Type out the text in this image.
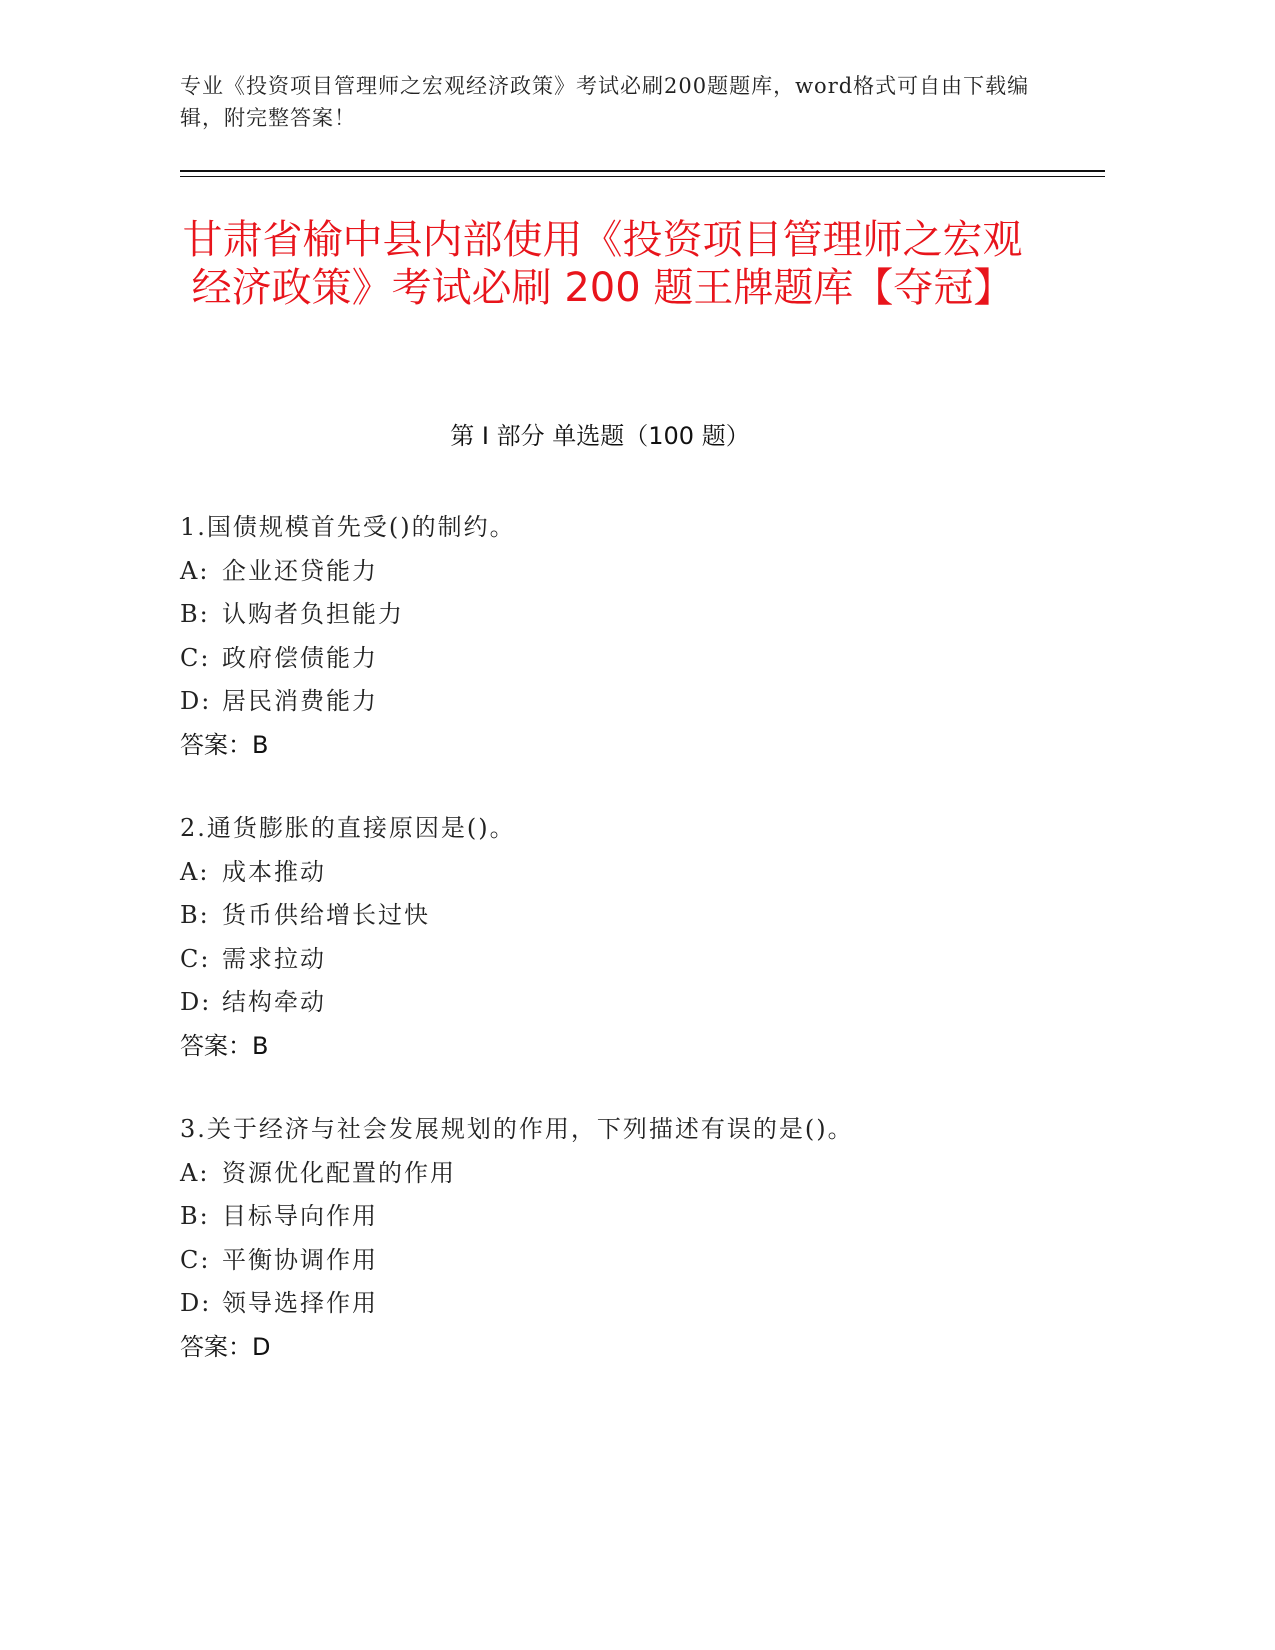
专业《投资项目管理师之宏观经济政策》考试必刷200题题库，word格式可自由下载编辑，附完整答案！
甘肃省榆中县内部使用《投资项目管理师之宏观经济政策》考试必刷 200 题王牌题库【夺冠】
第 I 部分 单选题（100 题）
1.国债规模首先受()的制约。
A: 企业还贷能力
B: 认购者负担能力
C: 政府偿债能力
D: 居民消费能力
答案：B
2.通货膨胀的直接原因是()。
A: 成本推动
B: 货币供给增长过快
C: 需求拉动
D: 结构牵动
答案：B
3.关于经济与社会发展规划的作用，下列描述有误的是()。
A: 资源优化配置的作用
B: 目标导向作用
C: 平衡协调作用
D: 领导选择作用
答案：D
